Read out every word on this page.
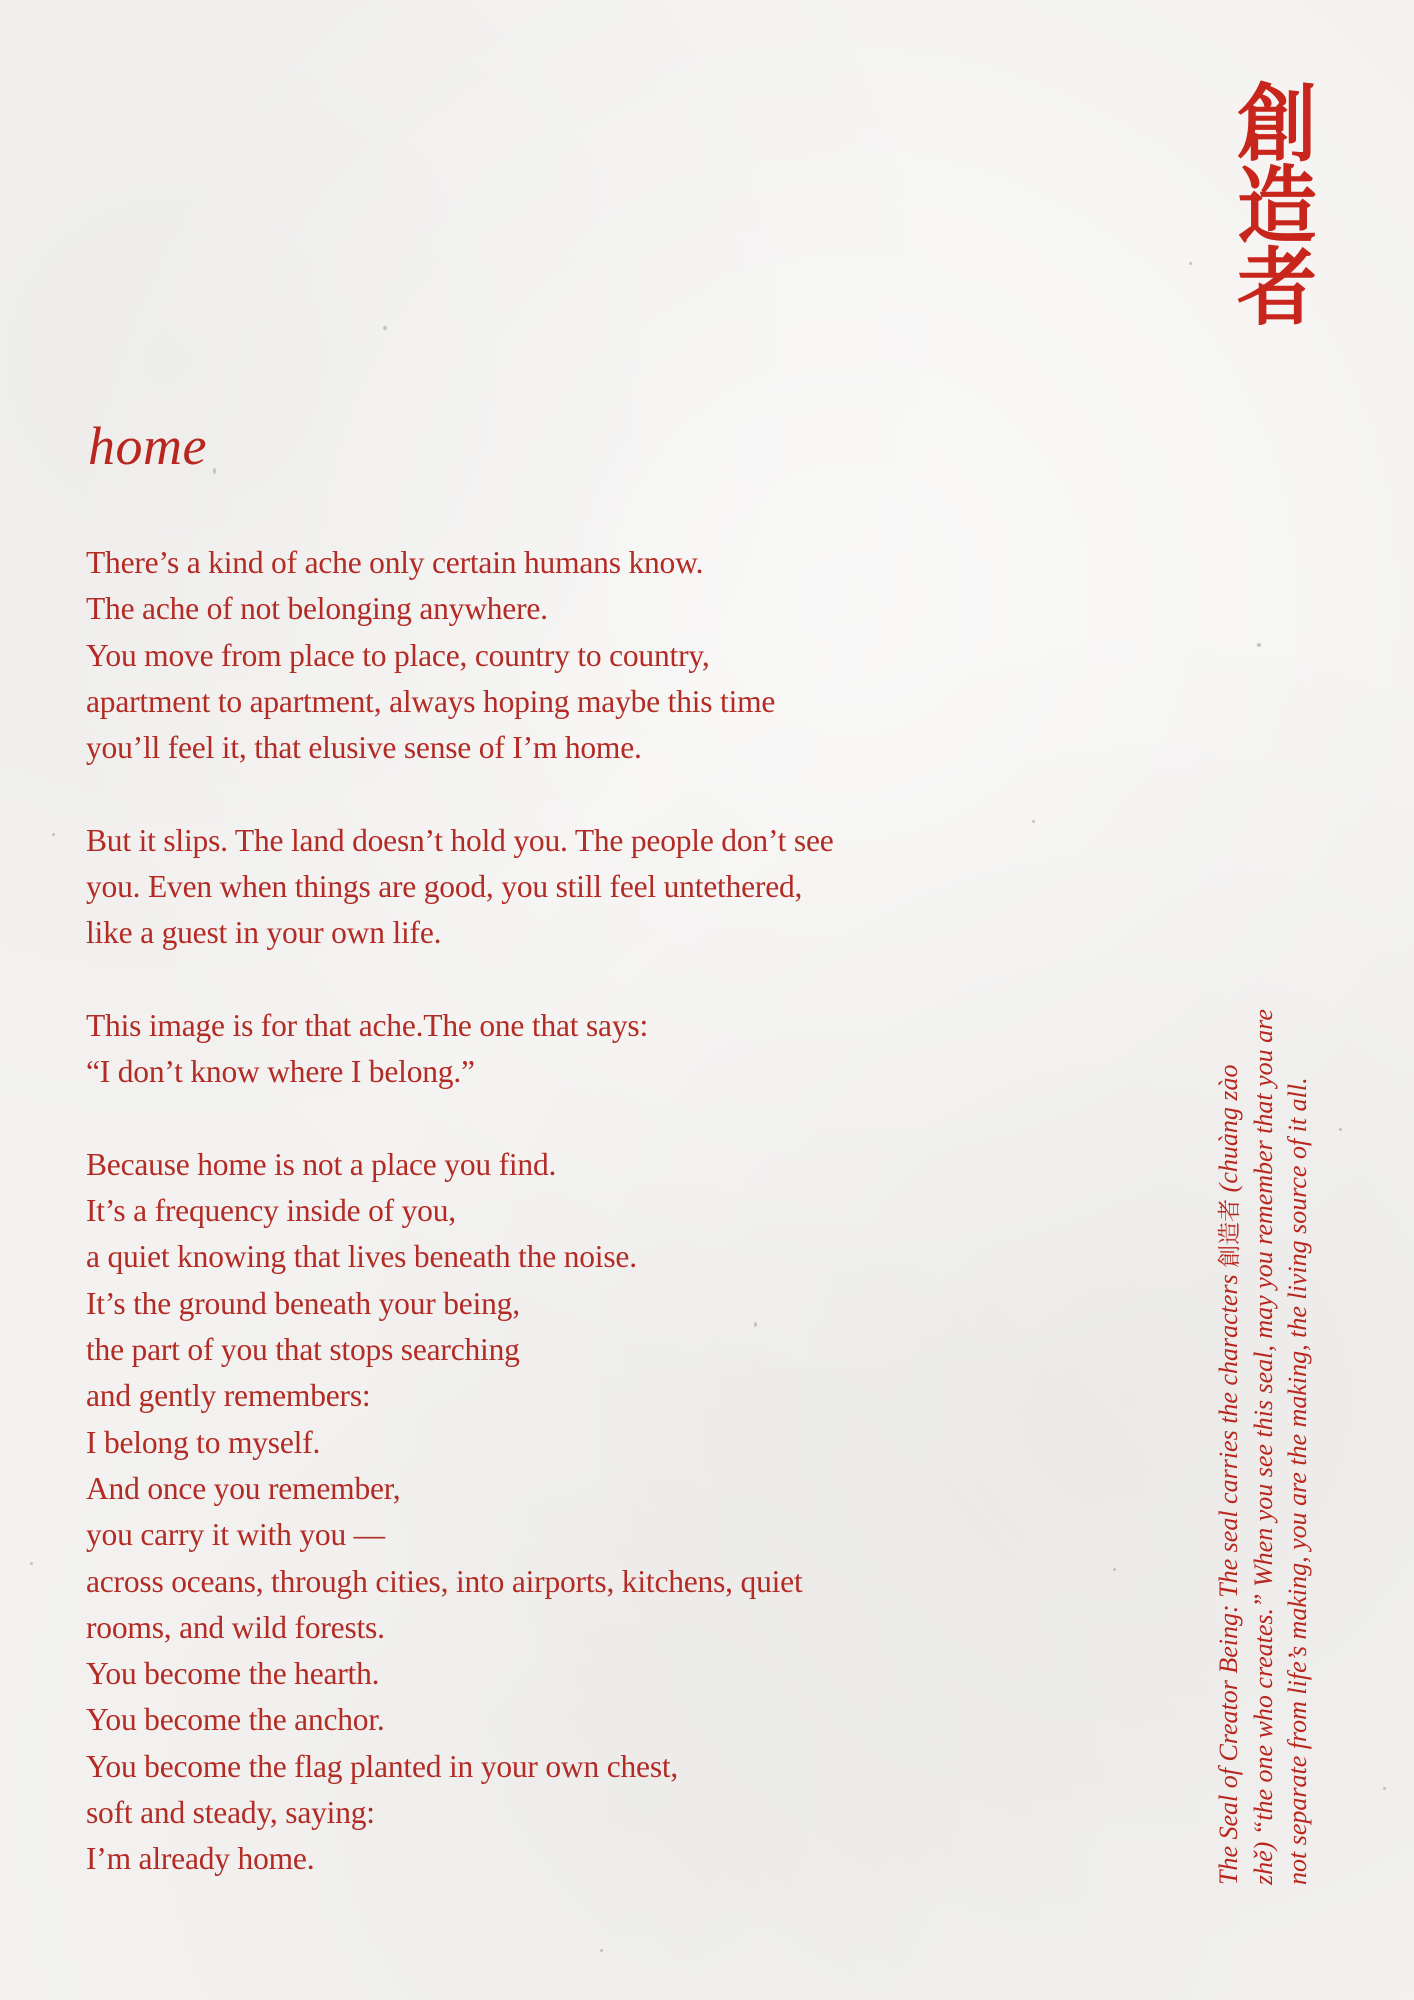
創
造
者
home
There’s a kind of ache only certain humans know.
The ache of not belonging anywhere.
You move from place to place, country to country,
apartment to apartment, always hoping maybe this time
you’ll feel it, that elusive sense of I’m home.
But it slips. The land doesn’t hold you. The people don’t see
you. Even when things are good, you still feel untethered,
like a guest in your own life.
This image is for that ache.The one that says:
“I don’t know where I belong.”
Because home is not a place you find.
It’s a frequency inside of you,
a quiet knowing that lives beneath the noise.
It’s the ground beneath your being,
the part of you that stops searching
and gently remembers:
I belong to myself.
And once you remember,
you carry it with you —
across oceans, through cities, into airports, kitchens, quiet
rooms, and wild forests.
You become the hearth.
You become the anchor.
You become the flag planted in your own chest,
soft and steady, saying:
I’m already home.	The Seal of Creator Being: The seal carries the characters 創造者 (chuàng zào zhě) “the one who creates.” When you see this seal, may you remember that you are not separate from life’s making, you are the making, the living source of it all.
